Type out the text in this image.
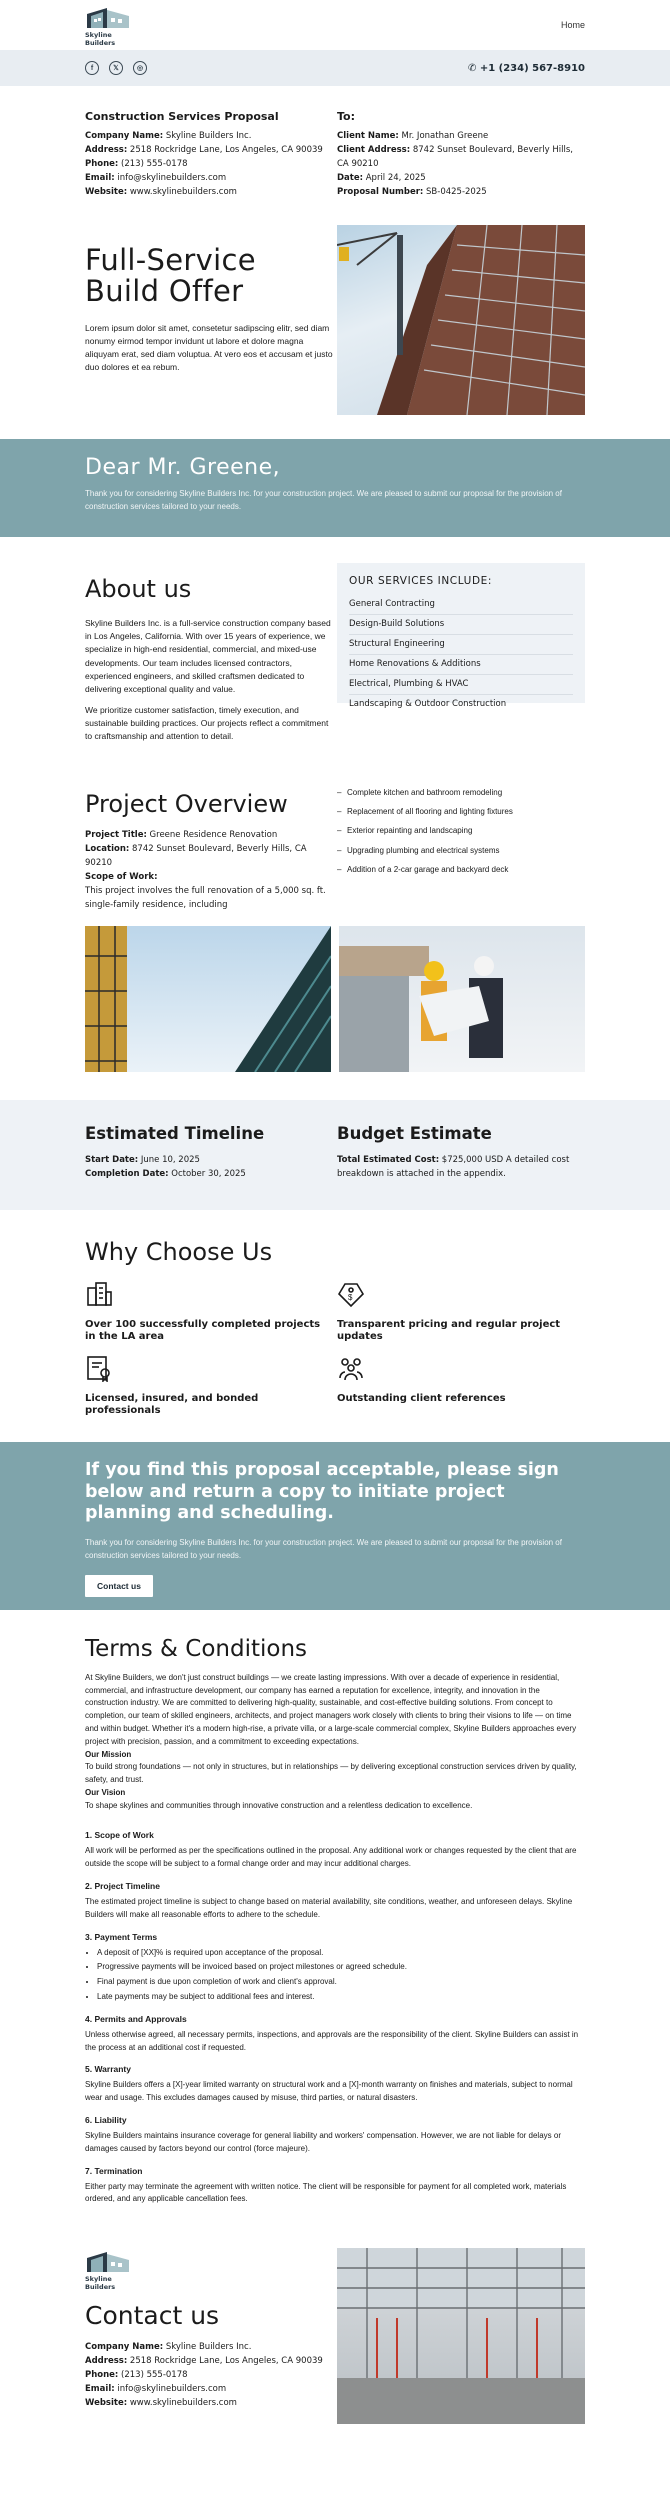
Skyline Builders
Home
f	𝕏	◎	✆ +1 (234) 567-8910
Construction Services Proposal
Company Name: Skyline Builders Inc.
Address: 2518 Rockridge Lane, Los Angeles, CA 90039
Phone: (213) 555-0178
Email: info@skylinebuilders.com
Website: www.skylinebuilders.com
To:
Client Name: Mr. Jonathan Greene
Client Address: 8742 Sunset Boulevard, Beverly Hills, CA 90210
Date: April 24, 2025
Proposal Number: SB-0425-2025
Full-Service
Build Offer

Lorem ipsum dolor sit amet, consetetur sadipscing elitr, sed diam nonumy eirmod tempor invidunt ut labore et dolore magna aliquyam erat, sed diam voluptua. At vero eos et accusam et justo duo dolores et ea rebum.

Dear Mr. Greene,

Thank you for considering Skyline Builders Inc. for your construction project. We are pleased to submit our proposal for the provision of construction services tailored to your needs.

About us

Skyline Builders Inc. is a full-service construction company based in Los Angeles, California. With over 15 years of experience, we specialize in high-end residential, commercial, and mixed-use developments. Our team includes licensed contractors, experienced engineers, and skilled craftsmen dedicated to delivering exceptional quality and value.

We prioritize customer satisfaction, timely execution, and sustainable building practices. Our projects reflect a commitment to craftsmanship and attention to detail.

OUR SERVICES INCLUDE:
General Contracting
Design-Build Solutions
Structural Engineering
Home Renovations & Additions
Electrical, Plumbing & HVAC
Landscaping & Outdoor Construction
Project Overview
Project Title: Greene Residence Renovation
Location: 8742 Sunset Boulevard, Beverly Hills, CA 90210
Scope of Work:
This project involves the full renovation of a 5,000 sq. ft. single-family residence, including
– Complete kitchen and bathroom remodeling
– Replacement of all flooring and lighting fixtures
– Exterior repainting and landscaping
– Upgrading plumbing and electrical systems
– Addition of a 2-car garage and backyard deck
Estimated Timeline
Start Date: June 10, 2025
Completion Date: October 30, 2025
Budget Estimate
Total Estimated Cost: $725,000 USD A detailed cost breakdown is attached in the appendix.
Why Choose Us

Over 100 successfully completed projects in the LA area

$

Transparent pricing and regular project updates

Licensed, insured, and bonded professionals

Outstanding client references

If you find this proposal acceptable, please sign below and return a copy to initiate project planning and scheduling.

Thank you for considering Skyline Builders Inc. for your construction project. We are pleased to submit our proposal for the provision of construction services tailored to your needs.

Contact us
Terms & Conditions

At Skyline Builders, we don't just construct buildings — we create lasting impressions. With over a decade of experience in residential, commercial, and infrastructure development, our company has earned a reputation for excellence, integrity, and innovation in the construction industry. We are committed to delivering high-quality, sustainable, and cost-effective building solutions. From concept to completion, our team of skilled engineers, architects, and project managers work closely with clients to bring their visions to life — on time and within budget. Whether it's a modern high-rise, a private villa, or a large-scale commercial complex, Skyline Builders approaches every project with precision, passion, and a commitment to exceeding expectations.

Our Mission

To build strong foundations — not only in structures, but in relationships — by delivering exceptional construction services driven by quality, safety, and trust.

Our Vision

To shape skylines and communities through innovative construction and a relentless dedication to excellence.

1. Scope of Work

All work will be performed as per the specifications outlined in the proposal. Any additional work or changes requested by the client that are outside the scope will be subject to a formal change order and may incur additional charges.

2. Project Timeline

The estimated project timeline is subject to change based on material availability, site conditions, weather, and unforeseen delays. Skyline Builders will make all reasonable efforts to adhere to the schedule.

3. Payment Terms
• A deposit of [XX]% is required upon acceptance of the proposal.
• Progressive payments will be invoiced based on project milestones or agreed schedule.
• Final payment is due upon completion of work and client's approval.
• Late payments may be subject to additional fees and interest.
4. Permits and Approvals

Unless otherwise agreed, all necessary permits, inspections, and approvals are the responsibility of the client. Skyline Builders can assist in the process at an additional cost if requested.

5. Warranty

Skyline Builders offers a [X]-year limited warranty on structural work and a [X]-month warranty on finishes and materials, subject to normal wear and usage. This excludes damages caused by misuse, third parties, or natural disasters.

6. Liability

Skyline Builders maintains insurance coverage for general liability and workers' compensation. However, we are not liable for delays or damages caused by factors beyond our control (force majeure).

7. Termination

Either party may terminate the agreement with written notice. The client will be responsible for payment for all completed work, materials ordered, and any applicable cancellation fees.

Skyline Builders
Contact us
Company Name: Skyline Builders Inc.
Address: 2518 Rockridge Lane, Los Angeles, CA 90039
Phone: (213) 555-0178
Email: info@skylinebuilders.com
Website: www.skylinebuilders.com
